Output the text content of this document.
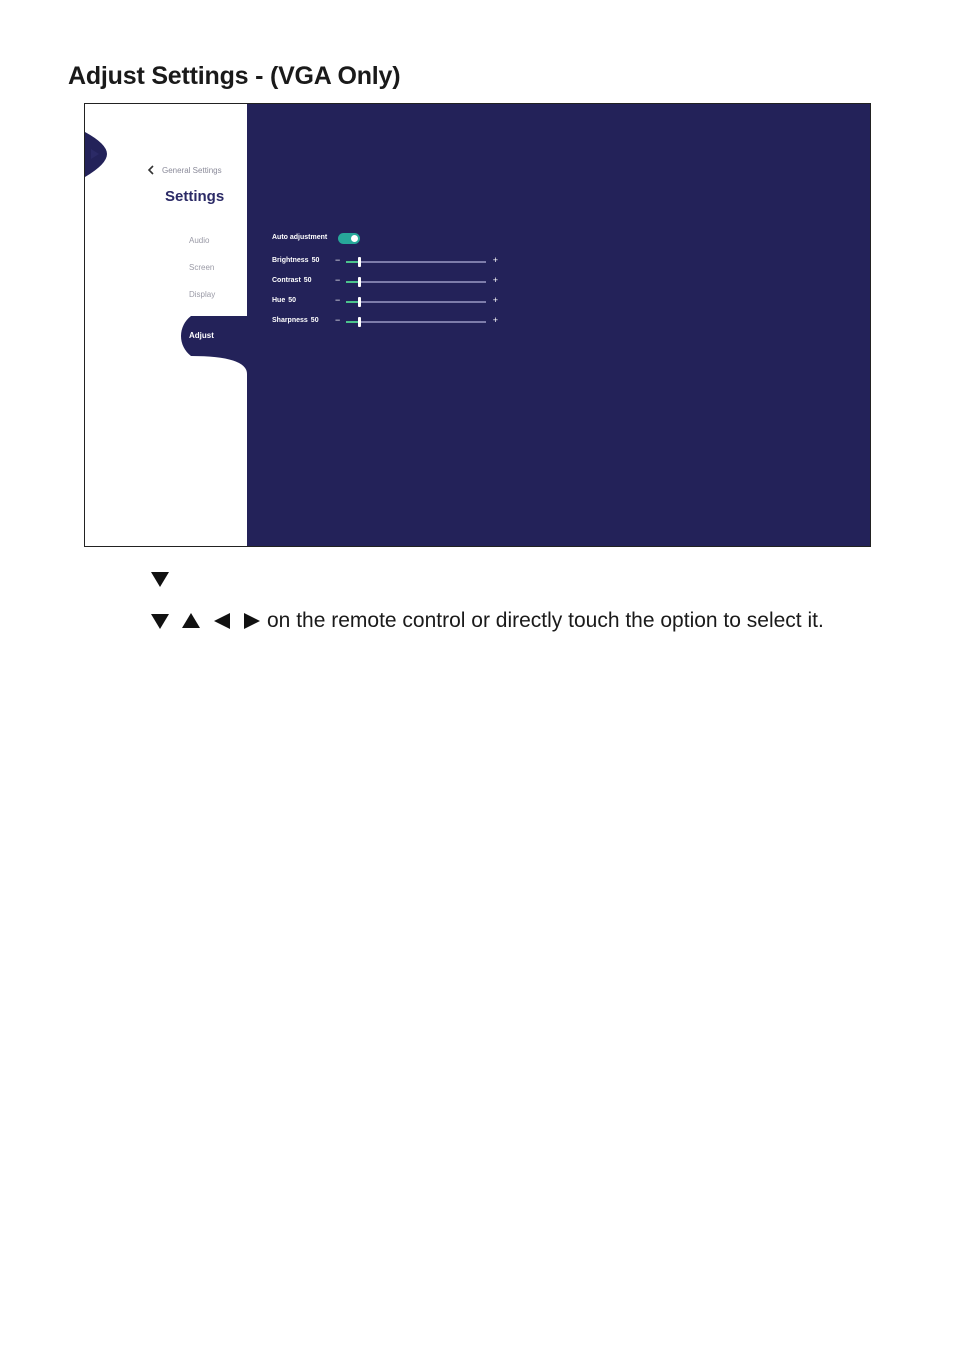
Adjust Settings - (VGA Only)
General Settings
Settings
Audio
Screen
Display
Adjust
Auto adjustment
Brightness 50 −	+
Contrast 50	−	+
Hue 50	−	+
Sharpness 50 −	+
on the remote control or directly touch the option to select it.
